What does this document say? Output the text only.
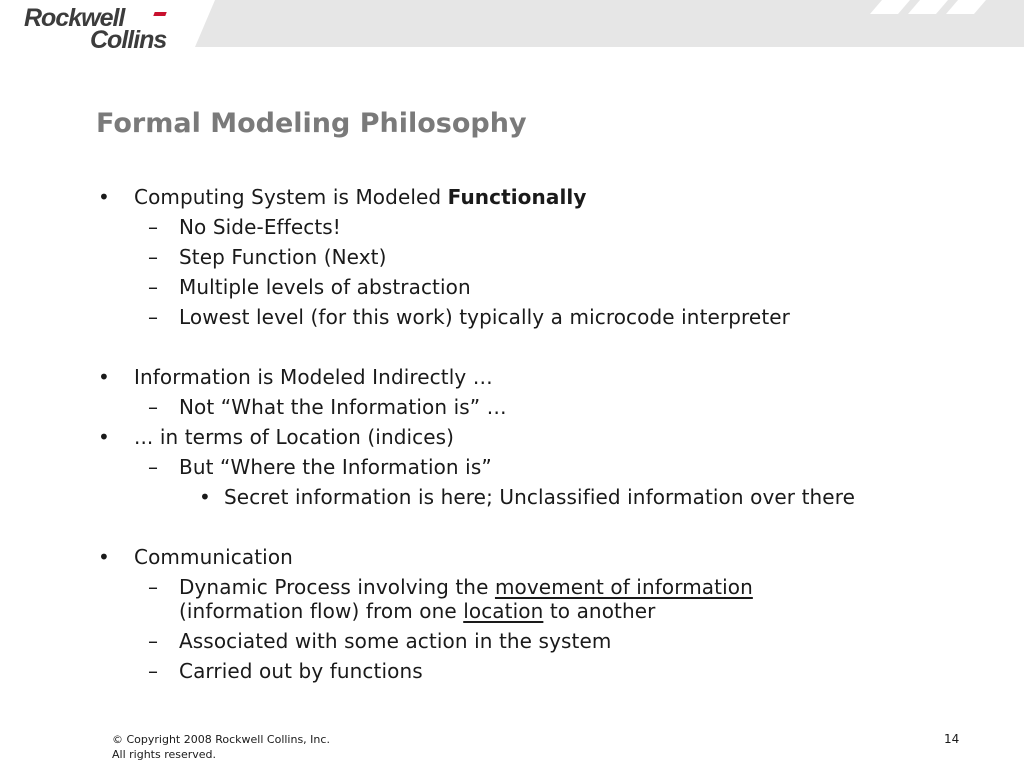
Rockwell
Collins
Formal Modeling Philosophy
• Computing System is Modeled Functionally
– No Side-Effects!
– Step Function (Next)
– Multiple levels of abstraction
– Lowest level (for this work) typically a microcode interpreter
• Information is Modeled Indirectly …
– Not “What the Information is” …
• ... in terms of Location (indices)
– But “Where the Information is”
• Secret information is here; Unclassified information over there
• Communication
– Dynamic Process involving the movement of information
(information flow) from one location to another
– Associated with some action in the system
– Carried out by functions
© Copyright 2008 Rockwell Collins, Inc.
All rights reserved.
14
